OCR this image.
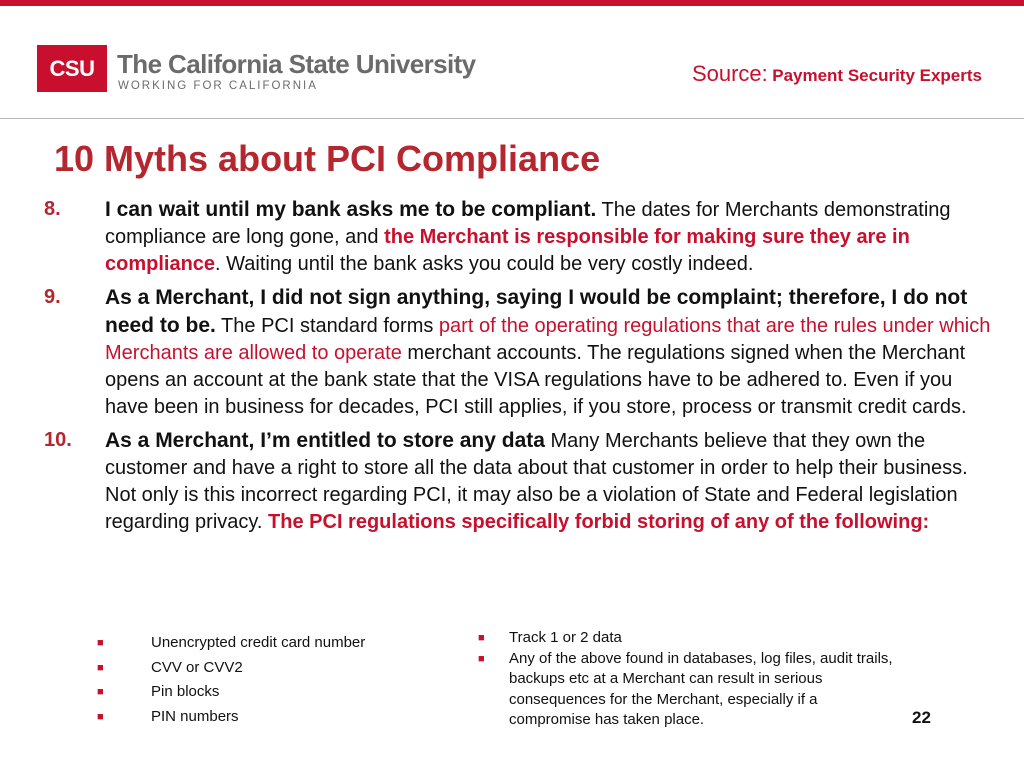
CSU The California State University
WORKING FOR CALIFORNIA	Source: Payment Security Experts
10 Myths about PCI Compliance
8. I can wait until my bank asks me to be compliant. The dates for Merchants demonstrating compliance are long gone, and the Merchant is responsible for making sure they are in compliance. Waiting until the bank asks you could be very costly indeed.
9. As a Merchant, I did not sign anything, saying I would be complaint; therefore, I do not need to be. The PCI standard forms part of the operating regulations that are the rules under which Merchants are allowed to operate merchant accounts. The regulations signed when the Merchant opens an account at the bank state that the VISA regulations have to be adhered to. Even if you have been in business for decades, PCI still applies, if you store, process or transmit credit cards.
10. As a Merchant, I’m entitled to store any data Many Merchants believe that they own the customer and have a right to store all the data about that customer in order to help their business. Not only is this incorrect regarding PCI, it may also be a violation of State and Federal legislation regarding privacy. The PCI regulations specifically forbid storing of any of the following:
■	Unencrypted credit card number
■	CVV or CVV2
■	Pin blocks
■	PIN numbers
■ Track 1 or 2 data
■ Any of the above found in databases, log files, audit trails, backups etc at a Merchant can result in serious consequences for the Merchant, especially if a compromise has taken place.	22
